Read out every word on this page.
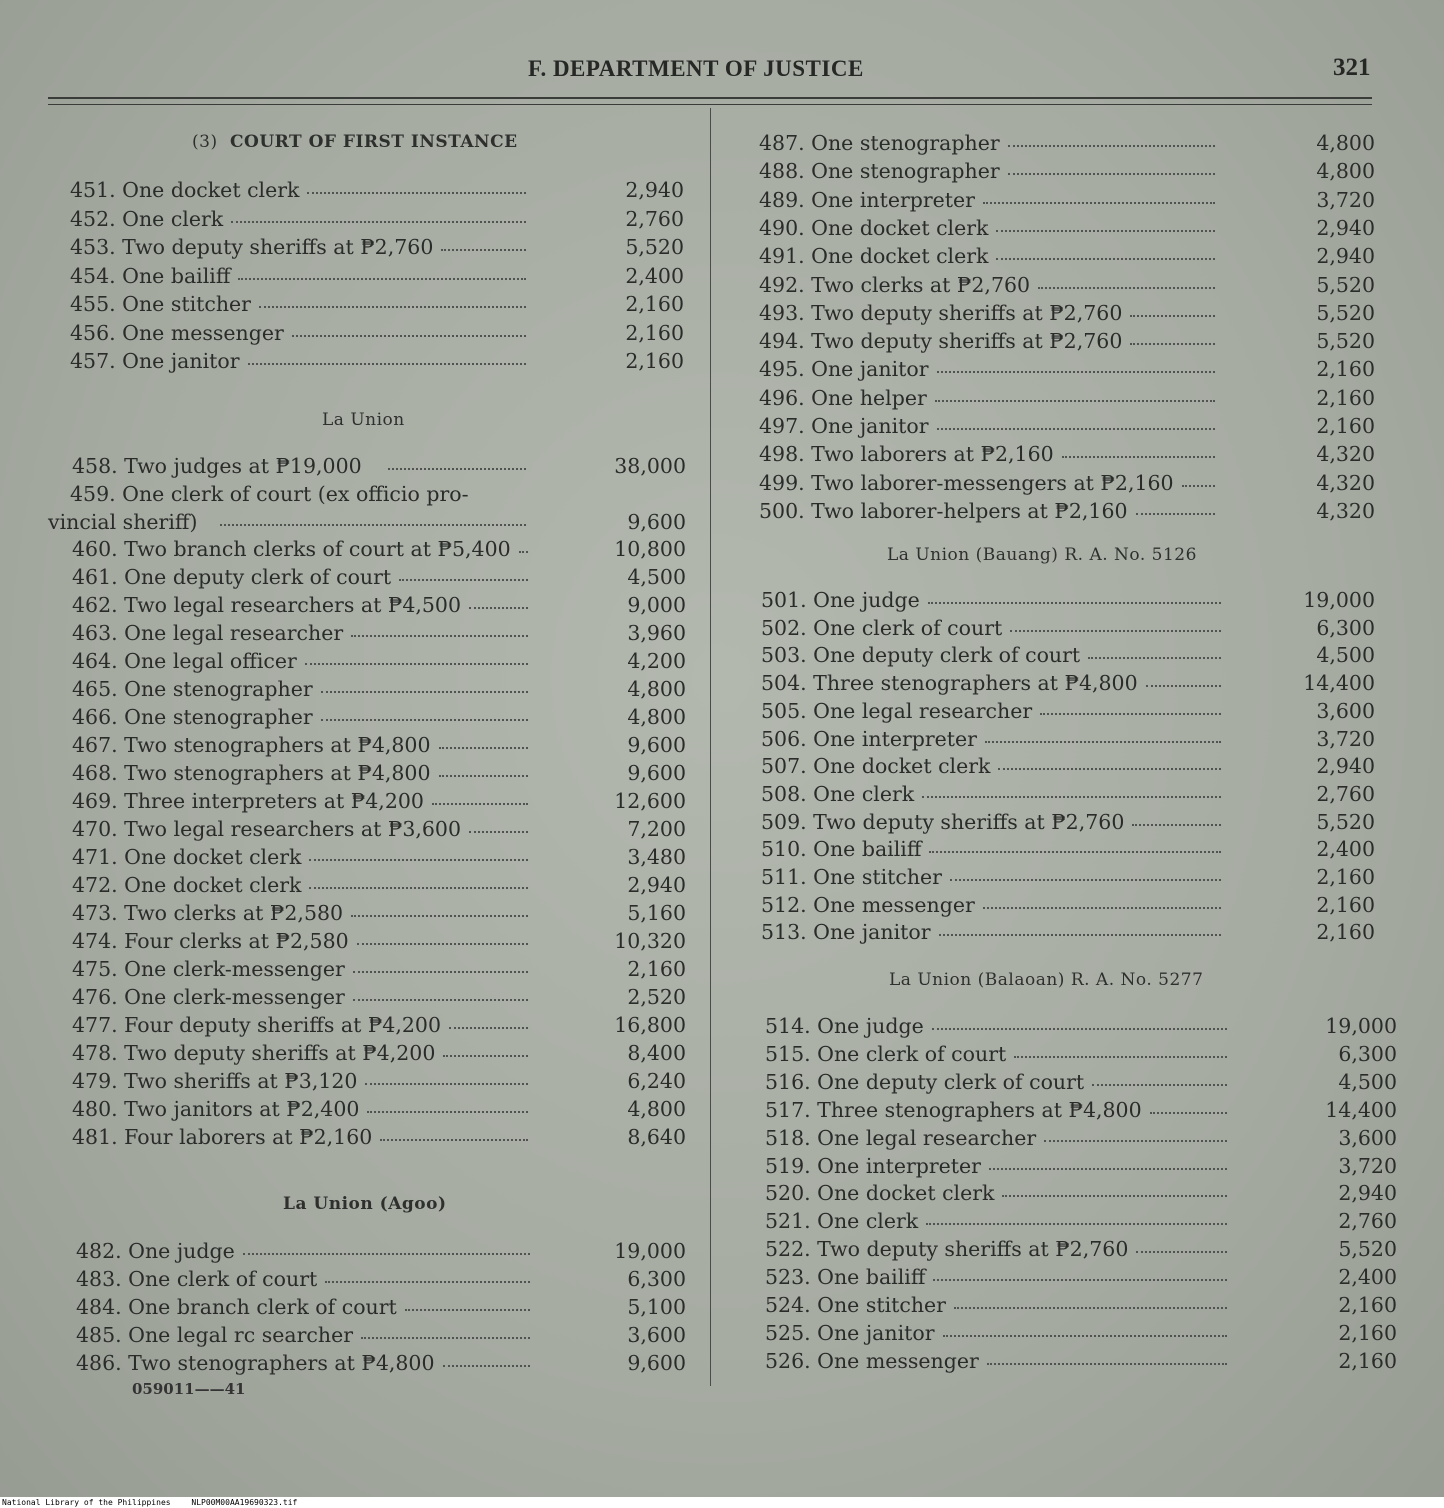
F. DEPARTMENT OF JUSTICE	321
(3) COURT OF FIRST INSTANCE
451. One docket clerk	2,940
452. One clerk	2,760
453. Two deputy sheriffs at ₱2,760	5,520
454. One bailiff	2,400
455. One stitcher	2,160
456. One messenger	2,160
457. One janitor	2,160
La Union
458. Two judges at ₱19,000	38,000
459. One clerk of court (ex officio pro-
vincial sheriff)	9,600
460. Two branch clerks of court at ₱5,400	10,800
461. One deputy clerk of court	4,500
462. Two legal researchers at ₱4,500	9,000
463. One legal researcher	3,960
464. One legal officer	4,200
465. One stenographer	4,800
466. One stenographer	4,800
467. Two stenographers at ₱4,800	9,600
468. Two stenographers at ₱4,800	9,600
469. Three interpreters at ₱4,200	12,600
470. Two legal researchers at ₱3,600	7,200
471. One docket clerk	3,480
472. One docket clerk	2,940
473. Two clerks at ₱2,580	5,160
474. Four clerks at ₱2,580	10,320
475. One clerk-messenger	2,160
476. One clerk-messenger	2,520
477. Four deputy sheriffs at ₱4,200	16,800
478. Two deputy sheriffs at ₱4,200	8,400
479. Two sheriffs at ₱3,120	6,240
480. Two janitors at ₱2,400	4,800
481. Four laborers at ₱2,160	8,640
La Union (Agoo)
482. One judge	19,000
483. One clerk of court	6,300
484. One branch clerk of court	5,100
485. One legal rc searcher	3,600
486. Two stenographers at ₱4,800	9,600
059011——41
487. One stenographer	4,800
488. One stenographer	4,800
489. One interpreter	3,720
490. One docket clerk	2,940
491. One docket clerk	2,940
492. Two clerks at ₱2,760	5,520
493. Two deputy sheriffs at ₱2,760	5,520
494. Two deputy sheriffs at ₱2,760	5,520
495. One janitor	2,160
496. One helper	2,160
497. One janitor	2,160
498. Two laborers at ₱2,160	4,320
499. Two laborer-messengers at ₱2,160	4,320
500. Two laborer-helpers at ₱2,160	4,320
La Union (Bauang) R. A. No. 5126
501. One judge	19,000
502. One clerk of court	6,300
503. One deputy clerk of court	4,500
504. Three stenographers at ₱4,800	14,400
505. One legal researcher	3,600
506. One interpreter	3,720
507. One docket clerk	2,940
508. One clerk	2,760
509. Two deputy sheriffs at ₱2,760	5,520
510. One bailiff	2,400
511. One stitcher	2,160
512. One messenger	2,160
513. One janitor	2,160
La Union (Balaoan) R. A. No. 5277
514. One judge	19,000
515. One clerk of court	6,300
516. One deputy clerk of court	4,500
517. Three stenographers at ₱4,800	14,400
518. One legal researcher	3,600
519. One interpreter	3,720
520. One docket clerk	2,940
521. One clerk	2,760
522. Two deputy sheriffs at ₱2,760	5,520
523. One bailiff	2,400
524. One stitcher	2,160
525. One janitor	2,160
526. One messenger	2,160
National Library of the Philippines	NLP00M00AA19690323.tif
